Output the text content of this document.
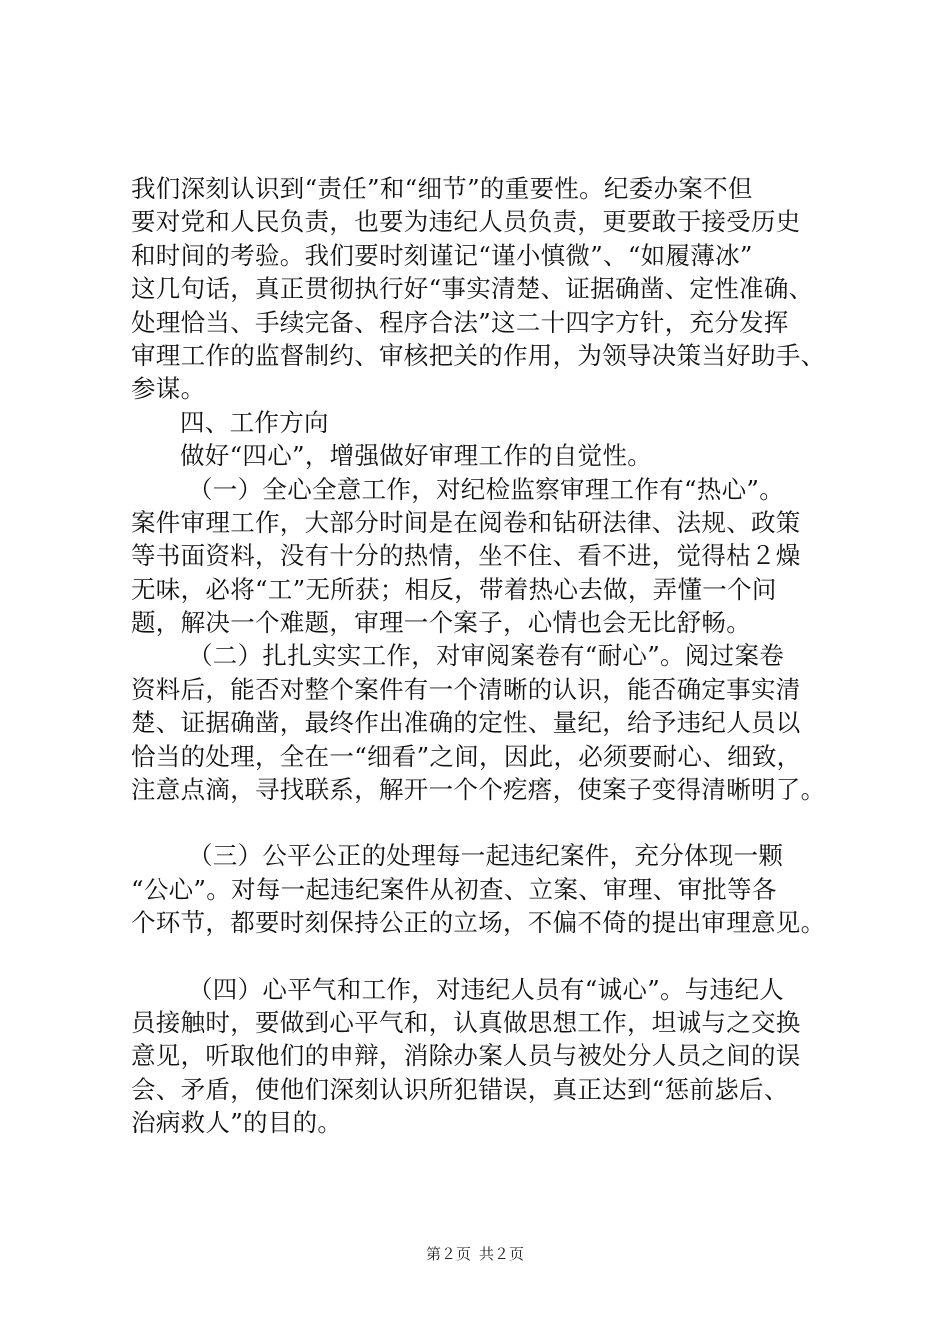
我们深刻认识到“责任”和“细节”的重要性。纪委办案不但
要对党和人民负责，也要为违纪人员负责，更要敢于接受历史
和时间的考验。我们要时刻谨记“谨小慎微”、“如履薄冰”
这几句话，真正贯彻执行好“事实清楚、证据确凿、定性准确、
处理恰当、手续完备、程序合法”这二十四字方针，充分发挥
审理工作的监督制约、审核把关的作用，为领导决策当好助手、
参谋。
四、工作方向
做好“四心”，增强做好审理工作的自觉性。
（一）全心全意工作，对纪检监察审理工作有“热心”。
案件审理工作，大部分时间是在阅卷和钻研法律、法规、政策
等书面资料，没有十分的热情，坐不住、看不进，觉得枯２燥
无味，必将“工”无所获；相反，带着热心去做，弄懂一个问
题，解决一个难题，审理一个案子，心情也会无比舒畅。
（二）扎扎实实工作，对审阅案卷有“耐心”。阅过案卷
资料后，能否对整个案件有一个清晰的认识，能否确定事实清
楚、证据确凿，最终作出准确的定性、量纪，给予违纪人员以
恰当的处理，全在一“细看”之间，因此，必须要耐心、细致，
注意点滴，寻找联系，解开一个个疙瘩，使案子变得清晰明了。
（三）公平公正的处理每一起违纪案件，充分体现一颗
“公心”。对每一起违纪案件从初查、立案、审理、审批等各
个环节，都要时刻保持公正的立场，不偏不倚的提出审理意见。
（四）心平气和工作，对违纪人员有“诚心”。与违纪人
员接触时，要做到心平气和，认真做思想工作，坦诚与之交换
意见，听取他们的申辩，消除办案人员与被处分人员之间的误
会、矛盾，使他们深刻认识所犯错误，真正达到“惩前毖后、
治病救人”的目的。
第２页 共２页
